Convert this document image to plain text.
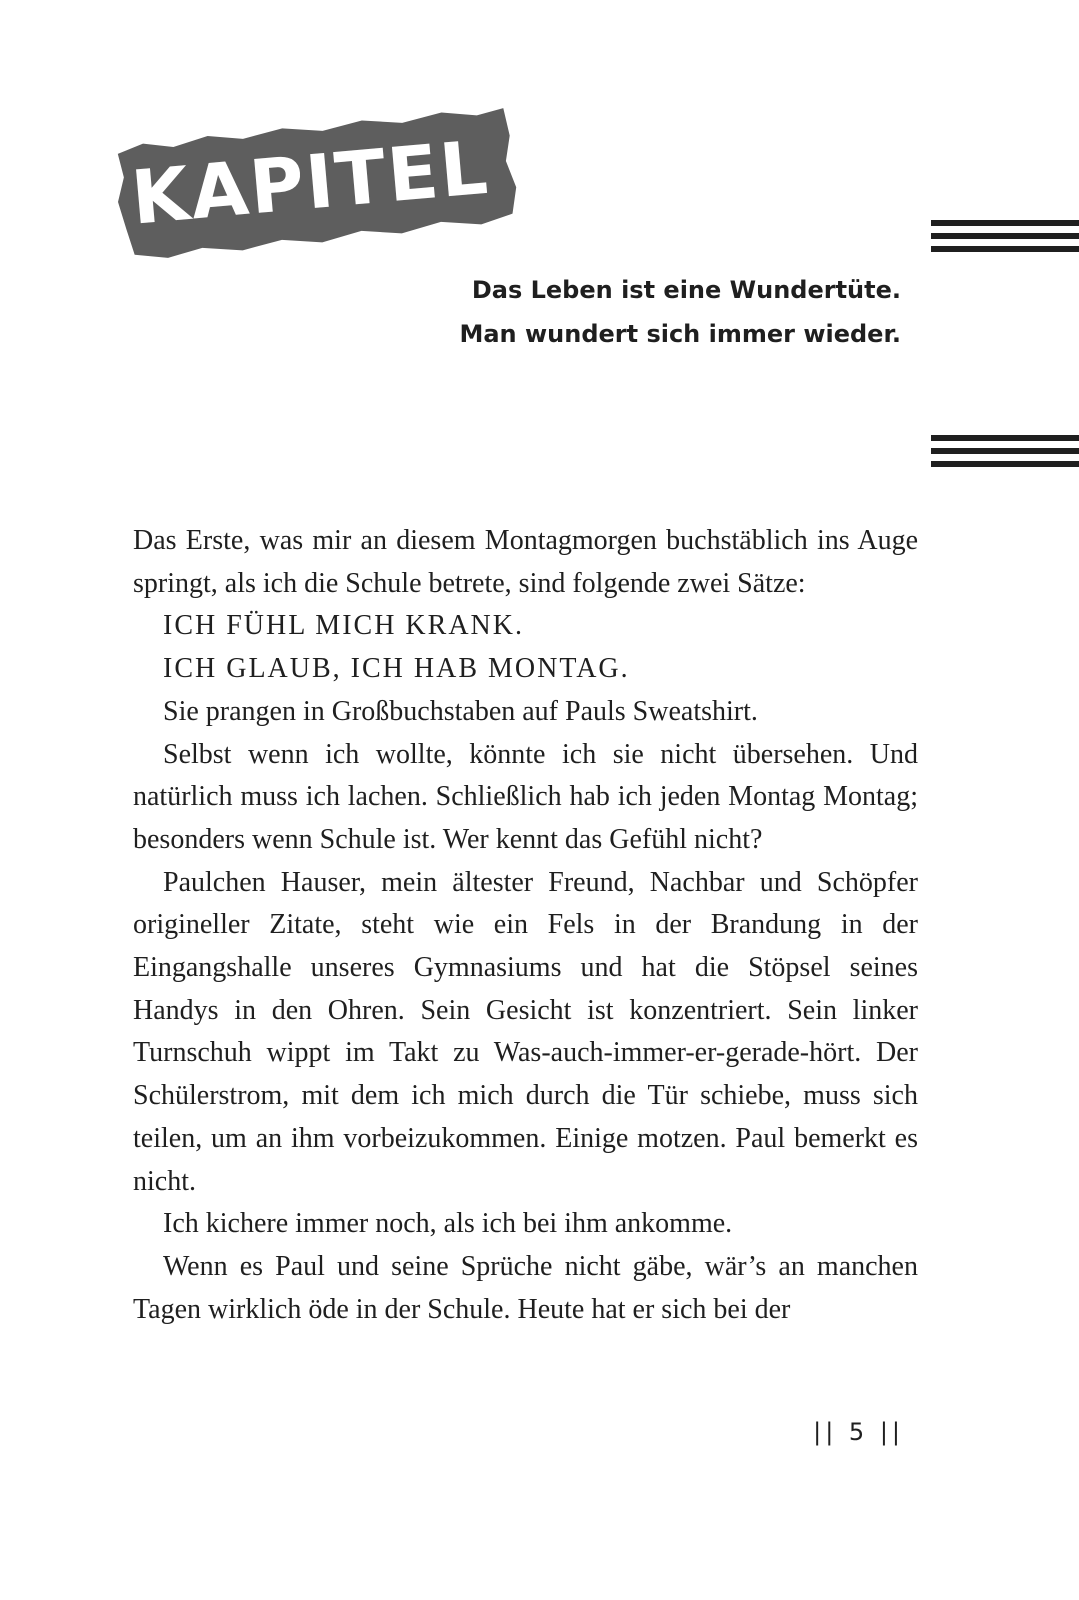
KAPITEL 1

Das Leben ist eine Wundertüte.

Man wundert sich immer wieder.

Das Erste, was mir an diesem Montagmorgen buchstäblich ins Auge springt, als ich die Schule betrete, sind folgende zwei Sätze:

ICH FÜHL MICH KRANK.

ICH GLAUB, ICH HAB MONTAG.

Sie prangen in Großbuchstaben auf Pauls Sweatshirt.

Selbst wenn ich wollte, könnte ich sie nicht übersehen. Und natürlich muss ich lachen. Schließlich hab ich jeden Montag Montag; besonders wenn Schule ist. Wer kennt das Gefühl nicht?

Paulchen Hauser, mein ältester Freund, Nachbar und Schöpfer origineller Zitate, steht wie ein Fels in der Brandung in der Eingangshalle unseres Gymnasiums und hat die Stöpsel seines Handys in den Ohren. Sein Gesicht ist konzentriert. Sein linker Turnschuh wippt im Takt zu Was-auch-immer-er-gerade-hört. Der Schülerstrom, mit dem ich mich durch die Tür schiebe, muss sich teilen, um an ihm vorbeizukommen. Einige motzen. Paul bemerkt es nicht.

Ich kichere immer noch, als ich bei ihm ankomme.

Wenn es Paul und seine Sprüche nicht gäbe, wär’s an manchen Tagen wirklich öde in der Schule. Heute hat er sich bei der

|| 5 ||
